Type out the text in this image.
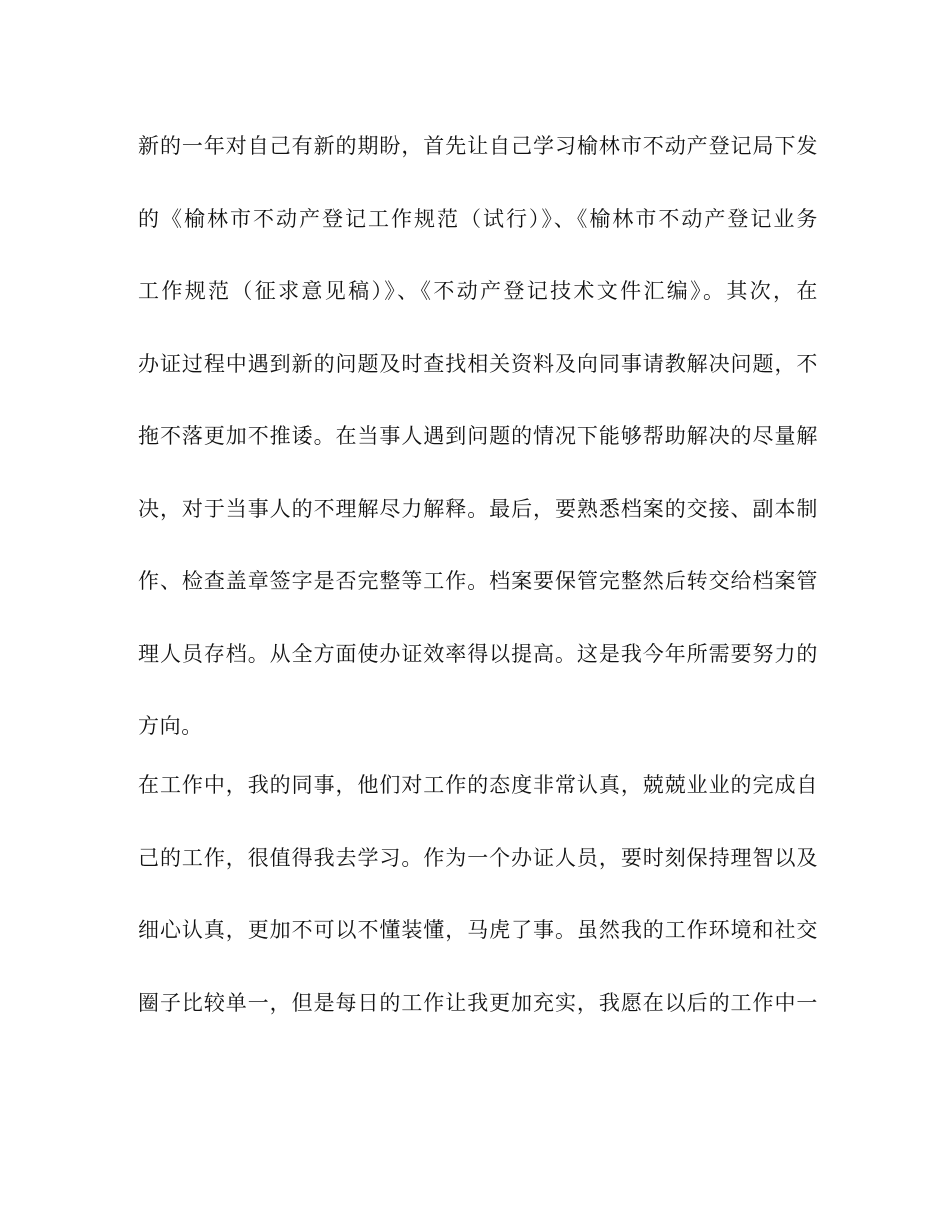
新的一年对自己有新的期盼，首先让自己学习榆林市不动产登记局下发
的《榆林市不动产登记工作规范（试行）》、《榆林市不动产登记业务
工作规范（征求意见稿）》、《不动产登记技术文件汇编》。其次，在
办证过程中遇到新的问题及时查找相关资料及向同事请教解决问题，不
拖不落更加不推诿。在当事人遇到问题的情况下能够帮助解决的尽量解
决，对于当事人的不理解尽力解释。最后，要熟悉档案的交接、副本制
作、检查盖章签字是否完整等工作。档案要保管完整然后转交给档案管
理人员存档。从全方面使办证效率得以提高。这是我今年所需要努力的
方向。
在工作中，我的同事，他们对工作的态度非常认真，兢兢业业的完成自
己的工作，很值得我去学习。作为一个办证人员，要时刻保持理智以及
细心认真，更加不可以不懂装懂，马虎了事。虽然我的工作环境和社交
圈子比较单一，但是每日的工作让我更加充实，我愿在以后的工作中一
